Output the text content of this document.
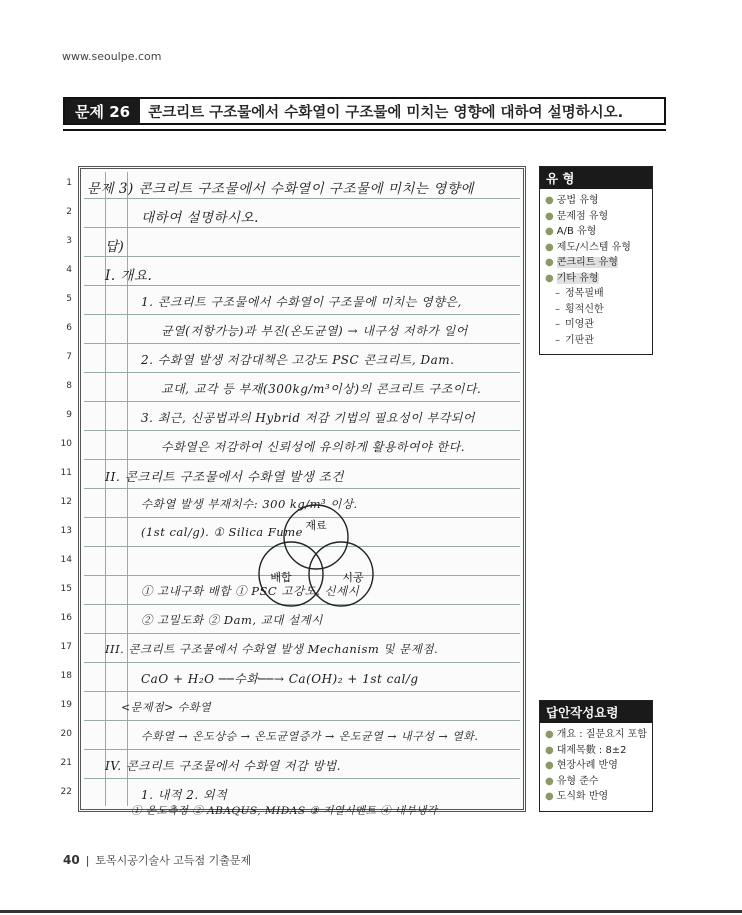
www.seoulpe.com
문제 26	콘크리트 구조물에서 수화열이 구조물에 미치는 영향에 대하여 설명하시오.
1
2
3
4
5
6
7
8
9
10
11
12
13
14
15
16
17
18
19
20
21
22
문제 3) 콘크리트 구조물에서 수화열이 구조물에 미치는 영향에
대하여 설명하시오.
답)
I. 개요.
1. 콘크리트 구조물에서 수화열이 구조물에 미치는 영향은,
균열(저항가능)과 부진(온도균열) → 내구성 저하가 일어
2. 수화열 발생 저감대책은 고강도 PSC 콘크리트, Dam.
교대, 교각 등 부재(300kg/m³이상)의 콘크리트 구조이다.
3. 최근, 신공법과의 Hybrid 저감 기법의 필요성이 부각되어
수화열은 저감하여 신뢰성에 유의하게 활용하여야 한다.
II. 콘크리트 구조물에서 수화열 발생 조건
수화열 발생 부재치수: 300 kg/m³ 이상.
(1st cal/g). ① Silica Fume
① 고내구화 배합 ① PSC 고강도, 신세시
② 고밀도화 ② Dam, 교대 설계시
III. 콘크리트 구조물에서 수화열 발생 Mechanism 및 문제점.
CaO + H₂O ──수화──→ Ca(OH)₂ + 1st cal/g
<문제점> 수화열
수화열 → 온도상승 → 온도균열증가 → 온도균열 → 내구성 → 열화.
IV. 콘크리트 구조물에서 수화열 저감 방법.
1. 내적 2. 외적
① 온도측정 ② ABAQUS, MIDAS ③ 저열시멘트 ④ 내부냉각
재료
배합	시공
유 형
● 공법 유형
● 문제점 유형
● A/B 유형
● 제도/시스템 유형
● 콘크리트 유형
● 기타 유형
– 정목필배
– 횡적신한
– 미영관
– 기판관
답안작성요령
● 개요 : 질문요지 포함
● 대제목數 : 8±2
● 현장사례 반영
● 유형 준수
● 도식화 반영
40 | 토목시공기술사 고득점 기출문제
